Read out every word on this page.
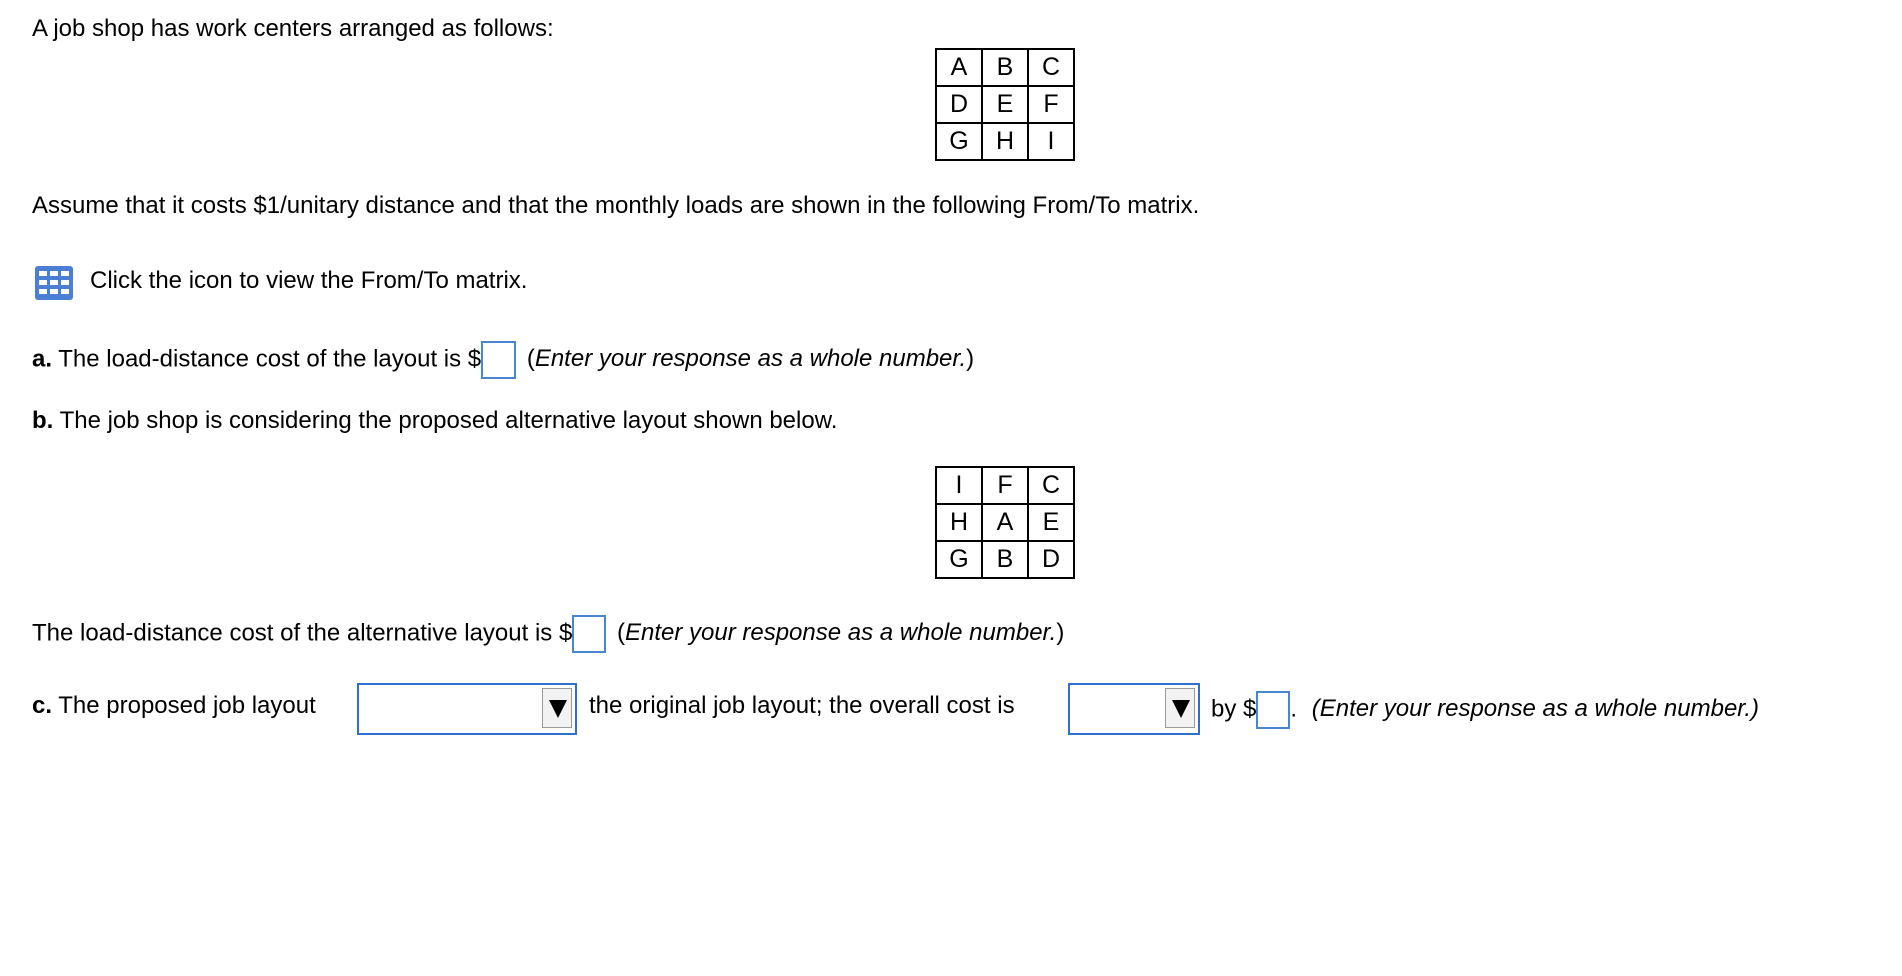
A job shop has work centers arranged as follows:
A	B	C
D	E	F
G	H	I
Assume that it costs $1/unitary distance and that the monthly loads are shown in the following From/To matrix.
Click the icon to view the From/To matrix.
a. The load-distance cost of the layout is $ (Enter your response as a whole number.)
b. The job shop is considering the proposed alternative layout shown below.
I	F	C
H	A	E
G	B	D
The load-distance cost of the alternative layout is $ (Enter your response as a whole number.)
c. The proposed job layout	the original job layout; the overall cost is	by $ . (Enter your response as a whole number.)
